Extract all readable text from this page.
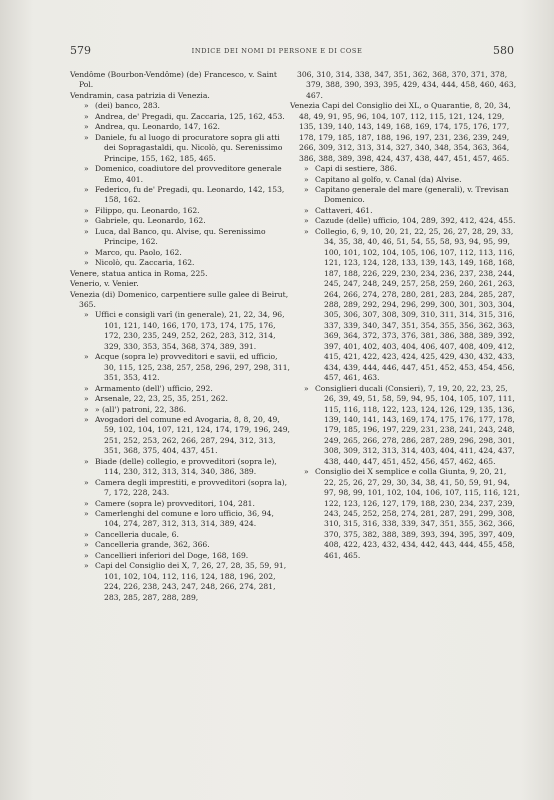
579	INDICE DEI NOMI DI PERSONE E DI COSE	580
Vendôme (Bourbon-Vendôme) (de) Francesco, v. Saint Pol.
Vendramin, casa patrizia di Venezia.
» (dei) banco, 283.
» Andrea, de' Pregadi, qu. Zaccaria, 125, 162, 453.
» Andrea, qu. Leonardo, 147, 162.
» Daniele, fu al luogo di procuratore sopra gli atti dei Sopragastaldi, qu. Nicolò, qu. Serenissimo Principe, 155, 162, 185, 465.
» Domenico, coadiutore del provveditore generale Emo, 401.
» Federico, fu de' Pregadi, qu. Leonardo, 142, 153, 158, 162.
» Filippo, qu. Leonardo, 162.
» Gabriele, qu. Leonardo, 162.
» Luca, dal Banco, qu. Alvise, qu. Serenissimo Principe, 162.
» Marco, qu. Paolo, 162.
» Nicolò, qu. Zaccaria, 162.
Venere, statua antica in Roma, 225.
Venerio, v. Venier.
Venezia (di) Domenico, carpentiere sulle galee di Beirut, 365.
» Uffici e consigli varî (in generale), 21, 22, 34, 96, 101, 121, 140, 166, 170, 173, 174, 175, 176, 172, 230, 235, 249, 252, 262, 283, 312, 314, 329, 330, 353, 354, 368, 374, 389, 391.
» Acque (sopra le) provveditori e savii, ed ufficio, 30, 115, 125, 238, 257, 258, 296, 297, 298, 311, 351, 353, 412.
» Armamento (dell') ufficio, 292.
» Arsenale, 22, 23, 25, 35, 251, 262.
» » (all') patroni, 22, 386.
» Avogadori del comune ed Avogaria, 8, 8, 20, 49, 59, 102, 104, 107, 121, 124, 174, 179, 196, 249, 251, 252, 253, 262, 266, 287, 294, 312, 313, 351, 368, 375, 404, 437, 451.
» Biade (delle) collegio, e provveditori (sopra le), 114, 230, 312, 313, 314, 340, 386, 389.
» Camera degli imprestiti, e provveditori (sopra la), 7, 172, 228, 243.
» Camere (sopra le) provveditori, 104, 281.
» Camerlenghi del comune e loro ufficio, 36, 94, 104, 274, 287, 312, 313, 314, 389, 424.
» Cancelleria ducale, 6.
» Cancelleria grande, 362, 366.
» Cancellieri inferiori del Doge, 168, 169.
» Capi del Consiglio dei X, 7, 26, 27, 28, 35, 59, 91, 101, 102, 104, 112, 116, 124, 188, 196, 202, 224, 226, 238, 243, 247, 248, 266, 274, 281, 283, 285, 287, 288, 289,
306, 310, 314, 338, 347, 351, 362, 368, 370, 371, 378, 379, 388, 390, 393, 395, 429, 434, 444, 458, 460, 463, 467.
Venezia Capi del Consiglio dei XL, o Quarantie, 8, 20, 34, 48, 49, 91, 95, 96, 104, 107, 112, 115, 121, 124, 129, 135, 139, 140, 143, 149, 168, 169, 174, 175, 176, 177, 178, 179, 185, 187, 188, 196, 197, 231, 236, 239, 249, 266, 309, 312, 313, 314, 327, 340, 348, 354, 363, 364, 386, 388, 389, 398, 424, 437, 438, 447, 451, 457, 465.
» Capi di sestiere, 386.
» Capitano al golfo, v. Canal (da) Alvise.
» Capitano generale del mare (generali), v. Trevisan Domenico.
» Cattaveri, 461.
» Cazude (delle) ufficio, 104, 289, 392, 412, 424, 455.
» Collegio, 6, 9, 10, 20, 21, 22, 25, 26, 27, 28, 29, 33, 34, 35, 38, 40, 46, 51, 54, 55, 58, 93, 94, 95, 99, 100, 101, 102, 104, 105, 106, 107, 112, 113, 116, 121, 123, 124, 128, 133, 139, 143, 149, 168, 168, 187, 188, 226, 229, 230, 234, 236, 237, 238, 244, 245, 247, 248, 249, 257, 258, 259, 260, 261, 263, 264, 266, 274, 278, 280, 281, 283, 284, 285, 287, 288, 289, 292, 294, 296, 299, 300, 301, 303, 304, 305, 306, 307, 308, 309, 310, 311, 314, 315, 316, 337, 339, 340, 347, 351, 354, 355, 356, 362, 363, 369, 364, 372, 373, 376, 381, 386, 388, 389, 392, 397, 401, 402, 403, 404, 406, 407, 408, 409, 412, 415, 421, 422, 423, 424, 425, 429, 430, 432, 433, 434, 439, 444, 446, 447, 451, 452, 453, 454, 456, 457, 461, 463.
» Consiglieri ducali (Consieri), 7, 19, 20, 22, 23, 25, 26, 39, 49, 51, 58, 59, 94, 95, 104, 105, 107, 111, 115, 116, 118, 122, 123, 124, 126, 129, 135, 136, 139, 140, 141, 143, 169, 174, 175, 176, 177, 178, 179, 185, 196, 197, 229, 231, 238, 241, 243, 248, 249, 265, 266, 278, 286, 287, 289, 296, 298, 301, 308, 309, 312, 313, 314, 403, 404, 411, 424, 437, 438, 440, 447, 451, 452, 456, 457, 462, 465.
» Consiglio dei X semplice e colla Giunta, 9, 20, 21, 22, 25, 26, 27, 29, 30, 34, 38, 41, 50, 59, 91, 94, 97, 98, 99, 101, 102, 104, 106, 107, 115, 116, 121, 122, 123, 126, 127, 179, 188, 230, 234, 237, 239, 243, 245, 252, 258, 274, 281, 287, 291, 299, 308, 310, 315, 316, 338, 339, 347, 351, 355, 362, 366, 370, 375, 382, 388, 389, 393, 394, 395, 397, 409, 408, 422, 423, 432, 434, 442, 443, 444, 455, 458, 461, 465.
